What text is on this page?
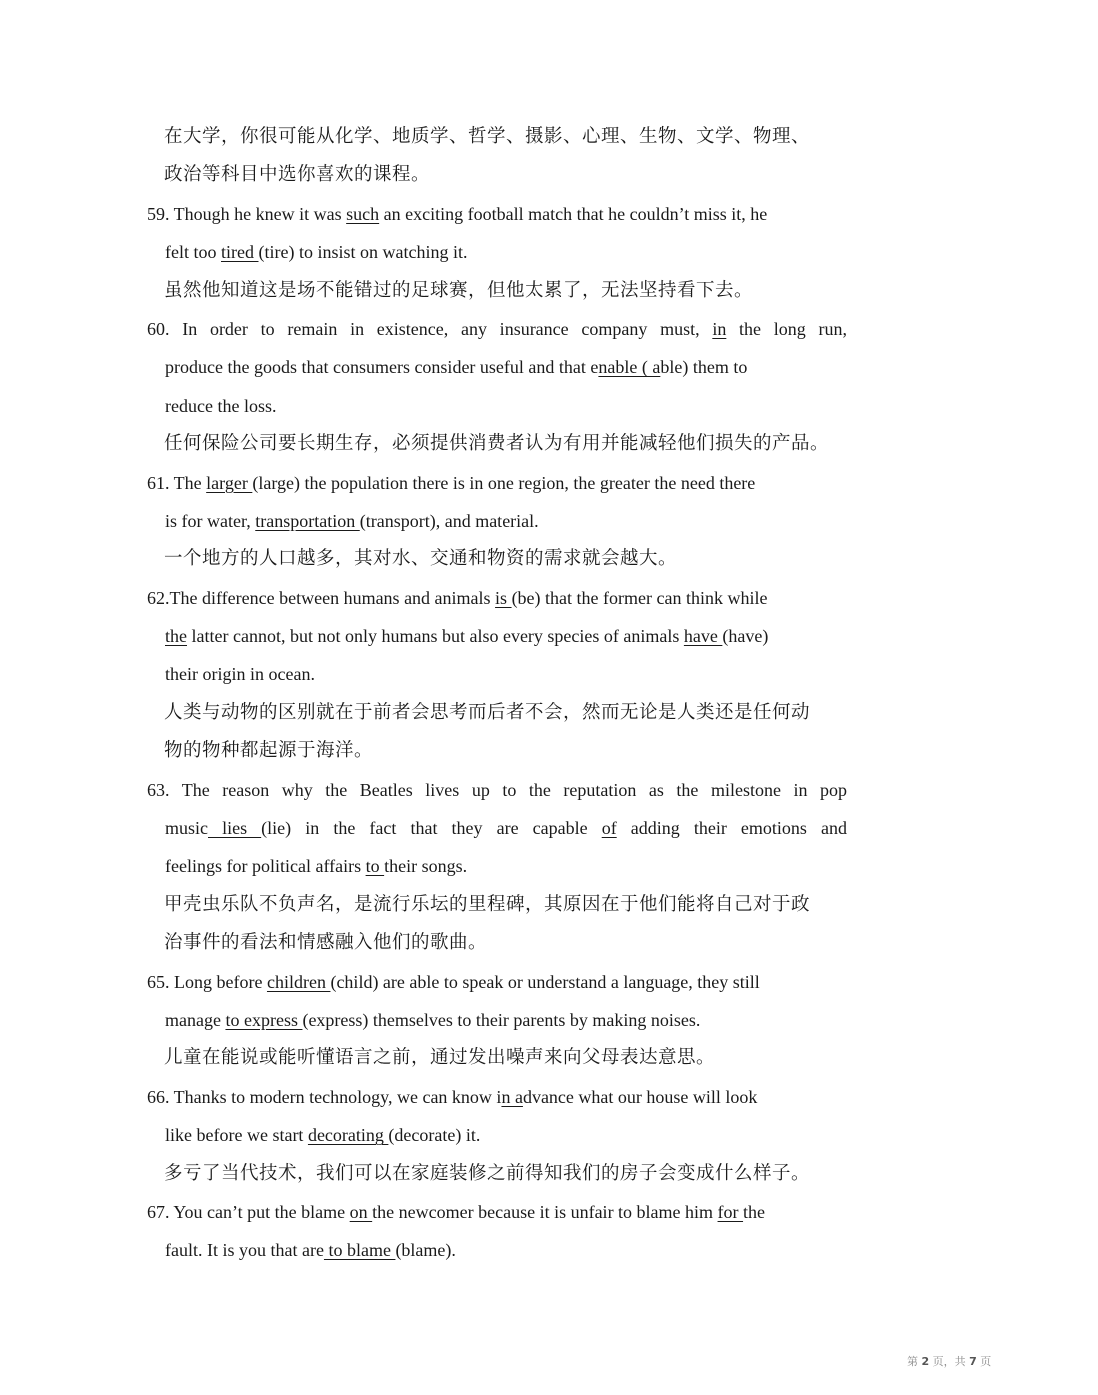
在大学，你很可能从化学、地质学、哲学、摄影、心理、生物、文学、物理、
政治等科目中选你喜欢的课程。
59. Though he knew it was such an exciting football match that he couldn’t miss it, he
felt too tired (tire) to insist on watching it.
虽然他知道这是场不能错过的足球赛，但他太累了，无法坚持看下去。
60. In order to remain in existence, any insurance company must, in the long run,
produce the goods that consumers consider useful and that enable ( able) them to
reduce the loss.
任何保险公司要长期生存，必须提供消费者认为有用并能减轻他们损失的产品。
61. The larger (large) the population there is in one region, the greater the need there
is for water, transportation (transport), and material.
一个地方的人口越多，其对水、交通和物资的需求就会越大。
62.The difference between humans and animals is (be) that the former can think while
the latter cannot, but not only humans but also every species of animals have (have)
their origin in ocean.
人类与动物的区别就在于前者会思考而后者不会，然而无论是人类还是任何动
物的物种都起源于海洋。
63. The reason why the Beatles lives up to the reputation as the milestone in pop
music lies (lie) in the fact that they are capable of adding their emotions and
feelings for political affairs to their songs.
甲壳虫乐队不负声名，是流行乐坛的里程碑，其原因在于他们能将自己对于政
治事件的看法和情感融入他们的歌曲。
65. Long before children (child) are able to speak or understand a language, they still
manage to express (express) themselves to their parents by making noises.
儿童在能说或能听懂语言之前，通过发出噪声来向父母表达意思。
66. Thanks to modern technology, we can know in advance what our house will look
like before we start decorating (decorate) it.
多亏了当代技术，我们可以在家庭装修之前得知我们的房子会变成什么样子。
67. You can’t put the blame on the newcomer because it is unfair to blame him for the
fault. It is you that are to blame (blame).
第 2 页，共 7 页
